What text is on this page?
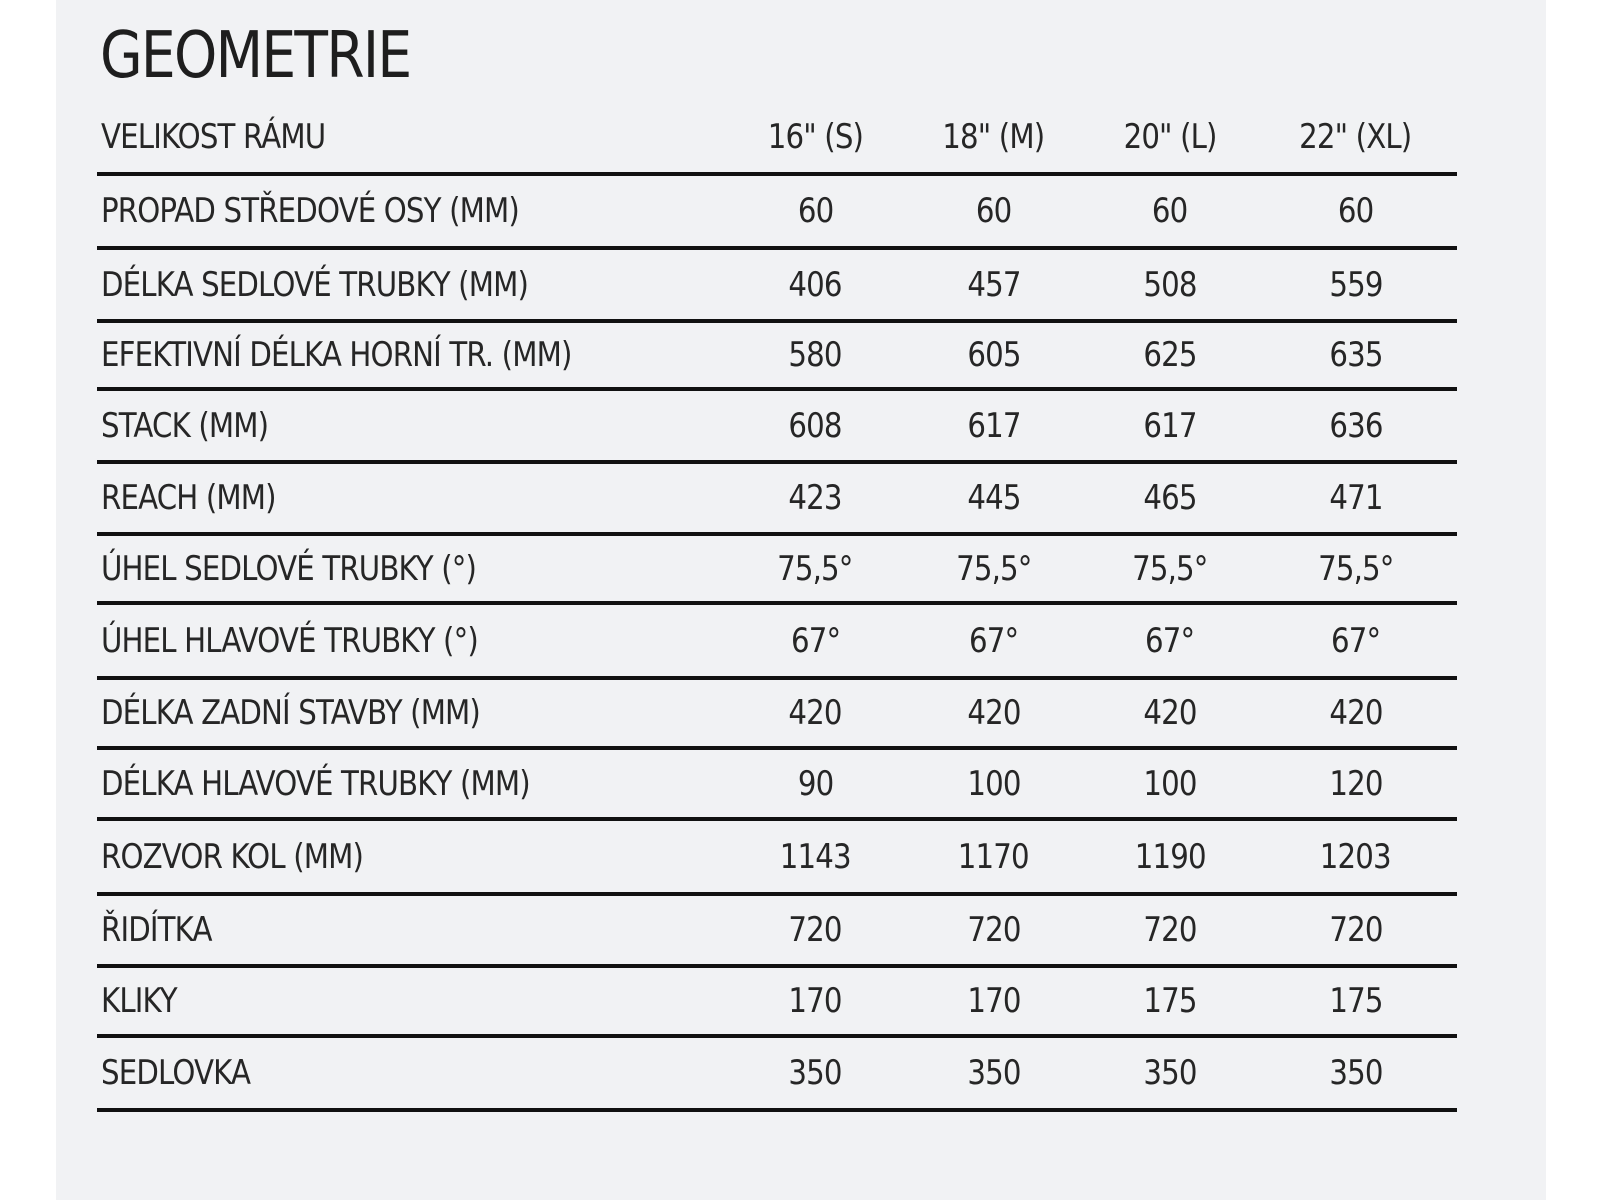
GEOMETRIE
VELIKOST RÁMU	16" (S)	18" (M)	20" (L)	22" (XL)
PROPAD STŘEDOVÉ OSY (MM)	60	60	60	60
DÉLKA SEDLOVÉ TRUBKY (MM)	406	457	508	559
EFEKTIVNÍ DÉLKA HORNÍ TR. (MM)	580	605	625	635
STACK (MM)	608	617	617	636
REACH (MM)	423	445	465	471
ÚHEL SEDLOVÉ TRUBKY (°)	75,5°	75,5°	75,5°	75,5°
ÚHEL HLAVOVÉ TRUBKY (°)	67°	67°	67°	67°
DÉLKA ZADNÍ STAVBY (MM)	420	420	420	420
DÉLKA HLAVOVÉ TRUBKY (MM)	90	100	100	120
ROZVOR KOL (MM)	1143	1170	1190	1203
ŘIDÍTKA	720	720	720	720
KLIKY	170	170	175	175
SEDLOVKA	350	350	350	350
